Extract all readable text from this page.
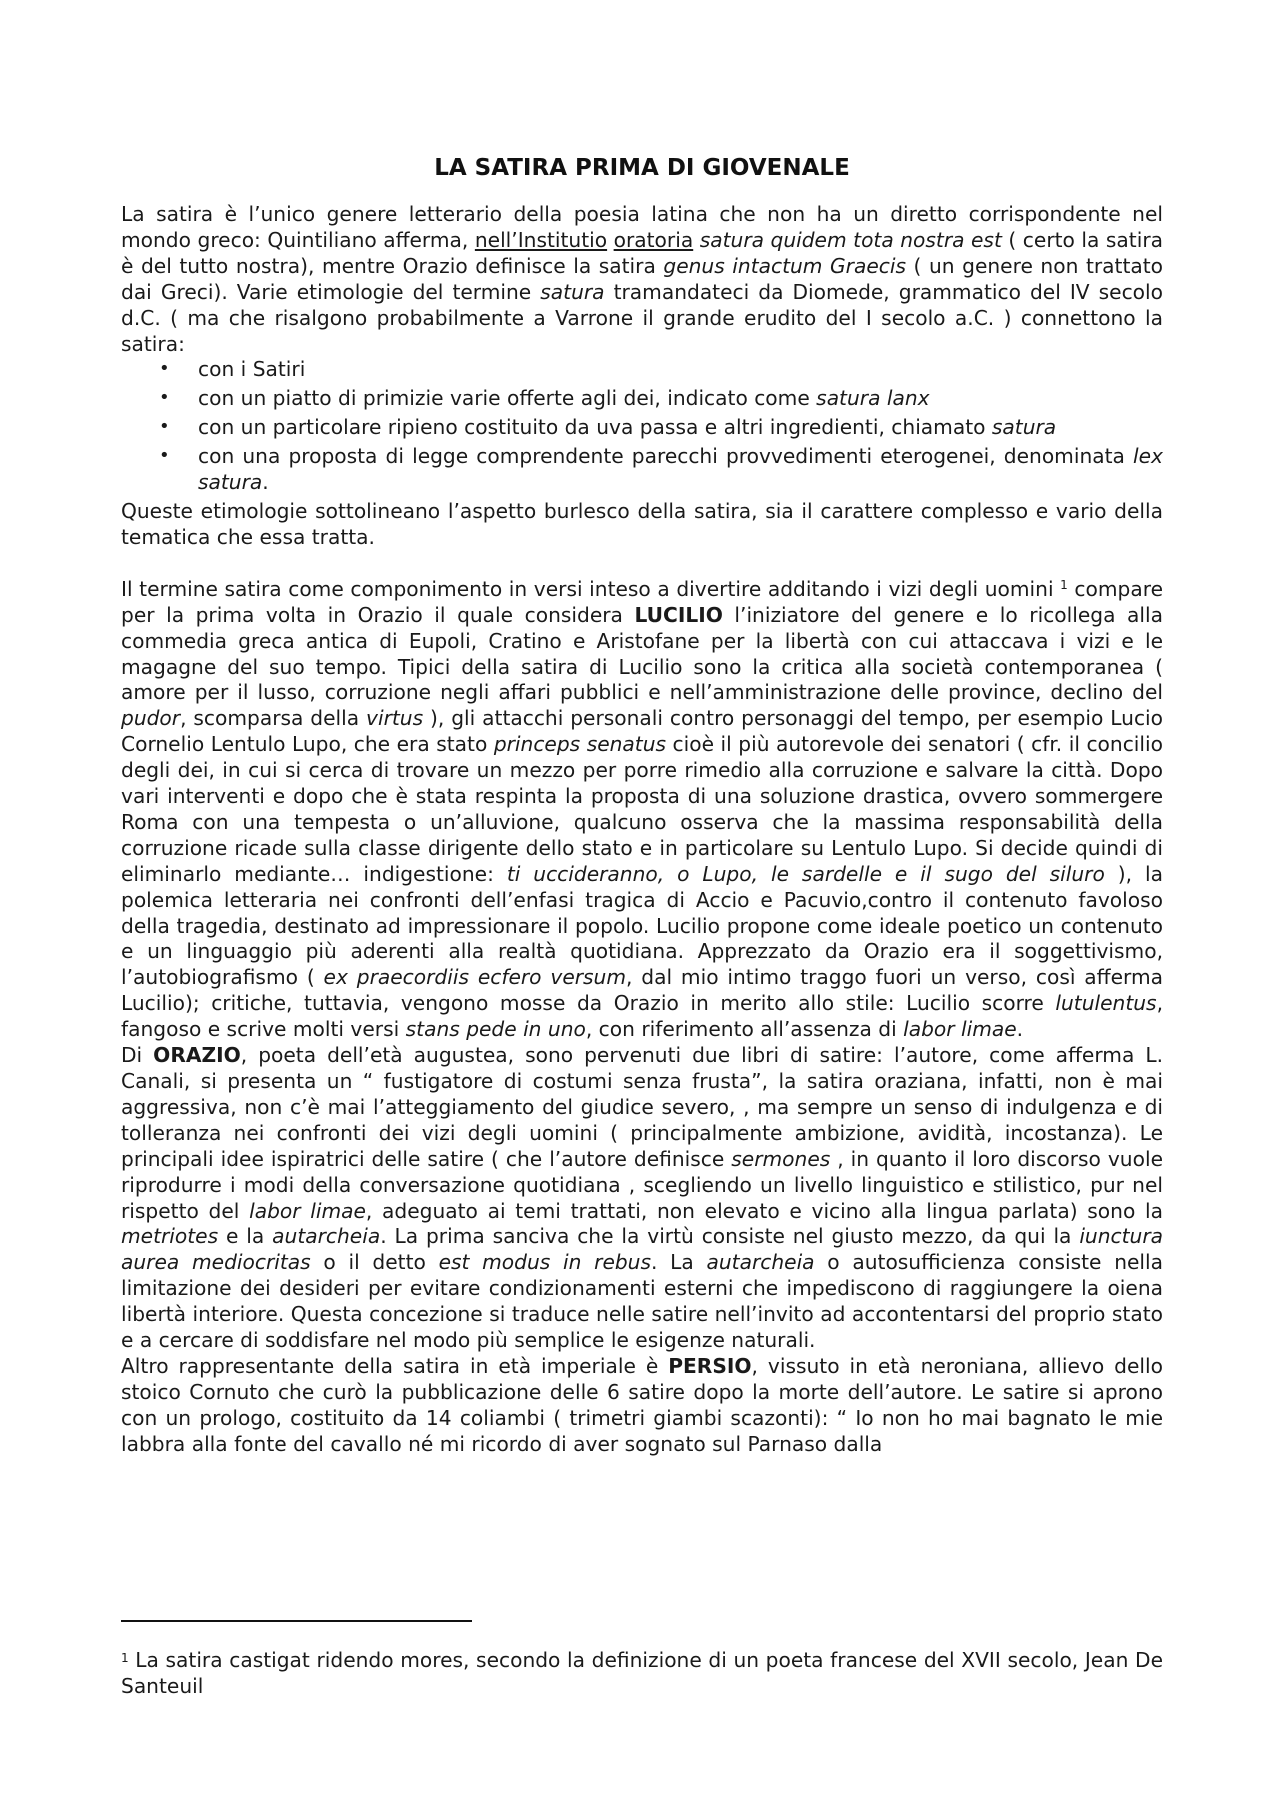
LA SATIRA PRIMA DI GIOVENALE

La satira è l’unico genere letterario della poesia latina che non ha un diretto corrispondente nel mondo greco: Quintiliano afferma, nell’Institutio oratoria satura quidem tota nostra est ( certo la satira è del tutto nostra), mentre Orazio definisce la satira genus intactum Graecis ( un genere non trattato dai Greci). Varie etimologie del termine satura tramandateci da Diomede, grammatico del IV secolo d.C. ( ma che risalgono probabilmente a Varrone il grande erudito del I secolo a.C. ) connettono la satira:

• con i Satiri
• con un piatto di primizie varie offerte agli dei, indicato come satura lanx
• con un particolare ripieno costituito da uva passa e altri ingredienti, chiamato satura
• con una proposta di legge comprendente parecchi provvedimenti eterogenei, denominata lex satura.

Queste etimologie sottolineano l’aspetto burlesco della satira, sia il carattere complesso e vario della tematica che essa tratta.

Il termine satira come componimento in versi inteso a divertire additando i vizi degli uomini $^1$ compare per la prima volta in Orazio il quale considera LUCILIO l’iniziatore del genere e lo ricollega alla commedia greca antica di Eupoli, Cratino e Aristofane per la libertà con cui attaccava i vizi e le magagne del suo tempo. Tipici della satira di Lucilio sono la critica alla società contemporanea ( amore per il lusso, corruzione negli affari pubblici e nell’amministrazione delle province, declino del pudor, scomparsa della virtus ), gli attacchi personali contro personaggi del tempo, per esempio Lucio Cornelio Lentulo Lupo, che era stato princeps senatus cioè il più autorevole dei senatori ( cfr. il concilio degli dei, in cui si cerca di trovare un mezzo per porre rimedio alla corruzione e salvare la città. Dopo vari interventi e dopo che è stata respinta la proposta di una soluzione drastica, ovvero sommergere Roma con una tempesta o un’alluvione, qualcuno osserva che la massima responsabilità della corruzione ricade sulla classe dirigente dello stato e in particolare su Lentulo Lupo. Si decide quindi di eliminarlo mediante… indigestione: ti uccideranno, o Lupo, le sardelle e il sugo del siluro ), la polemica letteraria nei confronti dell’enfasi tragica di Accio e Pacuvio,contro il contenuto favoloso della tragedia, destinato ad impressionare il popolo. Lucilio propone come ideale poetico un contenuto e un linguaggio più aderenti alla realtà quotidiana. Apprezzato da Orazio era il soggettivismo, l’autobiografismo ( ex praecordiis ecfero versum, dal mio intimo traggo fuori un verso, così afferma Lucilio); critiche, tuttavia, vengono mosse da Orazio in merito allo stile: Lucilio scorre lutulentus, fangoso e scrive molti versi stans pede in uno, con riferimento all’assenza di labor limae.

Di ORAZIO, poeta dell’età augustea, sono pervenuti due libri di satire: l’autore, come afferma L. Canali, si presenta un “ fustigatore di costumi senza frusta”, la satira oraziana, infatti, non è mai aggressiva, non c’è mai l’atteggiamento del giudice severo, , ma sempre un senso di indulgenza e di tolleranza nei confronti dei vizi degli uomini ( principalmente ambizione, avidità, incostanza). Le principali idee ispiratrici delle satire ( che l’autore definisce sermones , in quanto il loro discorso vuole riprodurre i modi della conversazione quotidiana , scegliendo un livello linguistico e stilistico, pur nel rispetto del labor limae, adeguato ai temi trattati, non elevato e vicino alla lingua parlata) sono la metriotes e la autarcheia. La prima sanciva che la virtù consiste nel giusto mezzo, da qui la iunctura aurea mediocritas o il detto est modus in rebus. La autarcheia o autosufficienza consiste nella limitazione dei desideri per evitare condizionamenti esterni che impediscono di raggiungere la oiena libertà interiore. Questa concezione si traduce nelle satire nell’invito ad accontentarsi del proprio stato e a cercare di soddisfare nel modo più semplice le esigenze naturali.

Altro rappresentante della satira in età imperiale è PERSIO, vissuto in età neroniana, allievo dello stoico Cornuto che curò la pubblicazione delle 6 satire dopo la morte dell’autore. Le satire si aprono con un prologo, costituito da 14 coliambi ( trimetri giambi scazonti): “ Io non ho mai bagnato le mie labbra alla fonte del cavallo né mi ricordo di aver sognato sul Parnaso dalla

$^1$ La satira castigat ridendo mores, secondo la definizione di un poeta francese del XVII secolo, Jean De Santeuil
